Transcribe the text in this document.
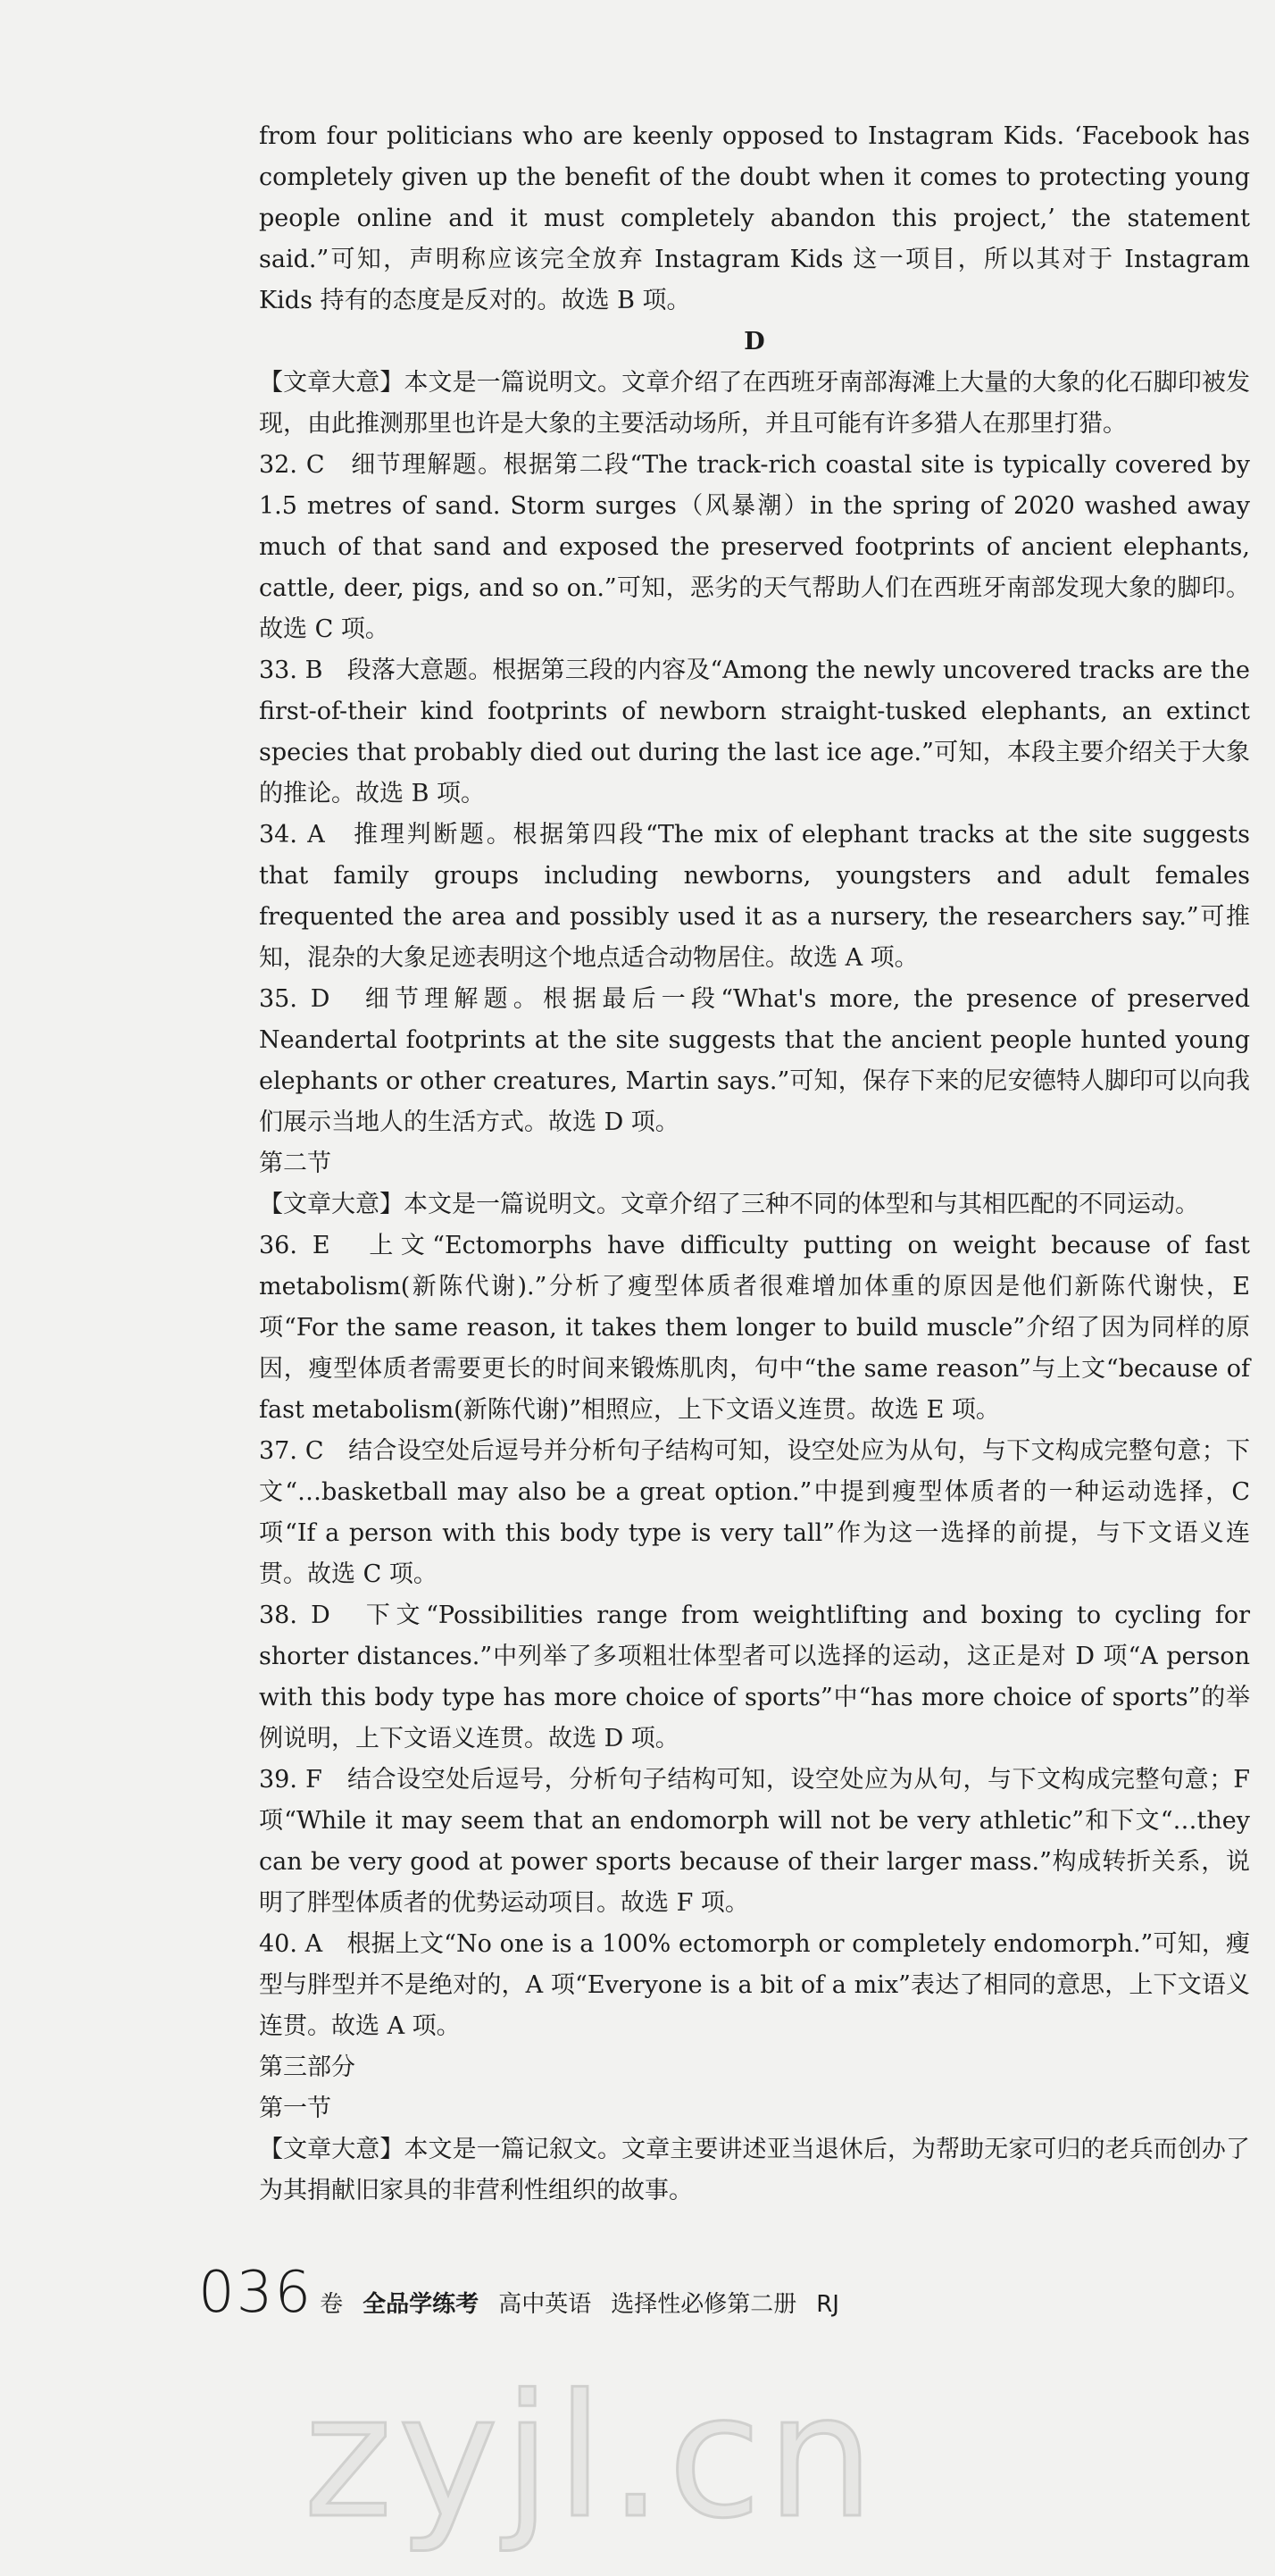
from four politicians who are keenly opposed to Instagram Kids. ‘Facebook has completely given up the benefit of the doubt when it comes to protecting young people online and it must completely abandon this project,’ the statement said.”可知，声明称应该完全放弃 Instagram Kids 这一项目，所以其对于 Instagram Kids 持有的态度是反对的。故选 B 项。

D

【文章大意】本文是一篇说明文。文章介绍了在西班牙南部海滩上大量的大象的化石脚印被发现，由此推测那里也许是大象的主要活动场所，并且可能有许多猎人在那里打猎。

32. C　细节理解题。根据第二段“The track-rich coastal site is typically covered by 1.5 metres of sand. Storm surges（风暴潮）in the spring of 2020 washed away much of that sand and exposed the preserved footprints of ancient elephants, cattle, deer, pigs, and so on.”可知，恶劣的天气帮助人们在西班牙南部发现大象的脚印。故选 C 项。

33. B　段落大意题。根据第三段的内容及“Among the newly uncovered tracks are the first-of-their kind footprints of newborn straight-tusked elephants, an extinct species that probably died out during the last ice age.”可知，本段主要介绍关于大象的推论。故选 B 项。

34. A　推理判断题。根据第四段“The mix of elephant tracks at the site suggests that family groups including newborns, youngsters and adult females frequented the area and possibly used it as a nursery, the researchers say.”可推知，混杂的大象足迹表明这个地点适合动物居住。故选 A 项。

35. D　细节理解题。根据最后一段“What's more, the presence of preserved Neandertal footprints at the site suggests that the ancient people hunted young elephants or other creatures, Martin says.”可知，保存下来的尼安德特人脚印可以向我们展示当地人的生活方式。故选 D 项。

第二节

【文章大意】本文是一篇说明文。文章介绍了三种不同的体型和与其相匹配的不同运动。

36. E　上文“Ectomorphs have difficulty putting on weight because of fast metabolism(新陈代谢).”分析了瘦型体质者很难增加体重的原因是他们新陈代谢快，E 项“For the same reason, it takes them longer to build muscle”介绍了因为同样的原因，瘦型体质者需要更长的时间来锻炼肌肉，句中“the same reason”与上文“because of fast metabolism(新陈代谢)”相照应，上下文语义连贯。故选 E 项。

37. C　结合设空处后逗号并分析句子结构可知，设空处应为从句，与下文构成完整句意；下文“…basketball may also be a great option.”中提到瘦型体质者的一种运动选择，C 项“If a person with this body type is very tall”作为这一选择的前提，与下文语义连贯。故选 C 项。

38. D　下文“Possibilities range from weightlifting and boxing to cycling for shorter distances.”中列举了多项粗壮体型者可以选择的运动，这正是对 D 项“A person with this body type has more choice of sports”中“has more choice of sports”的举例说明，上下文语义连贯。故选 D 项。

39. F　结合设空处后逗号，分析句子结构可知，设空处应为从句，与下文构成完整句意；F 项“While it may seem that an endomorph will not be very athletic”和下文“…they can be very good at power sports because of their larger mass.”构成转折关系，说明了胖型体质者的优势运动项目。故选 F 项。

40. A　根据上文“No one is a 100% ectomorph or completely endomorph.”可知，瘦型与胖型并不是绝对的，A 项“Everyone is a bit of a mix”表达了相同的意思，上下文语义连贯。故选 A 项。

第三部分

第一节

【文章大意】本文是一篇记叙文。文章主要讲述亚当退休后，为帮助无家可归的老兵而创办了为其捐献旧家具的非营利性组织的故事。

036 卷 全品学练考 高中英语 选择性必修第二册 RJ
zyjl.cn
